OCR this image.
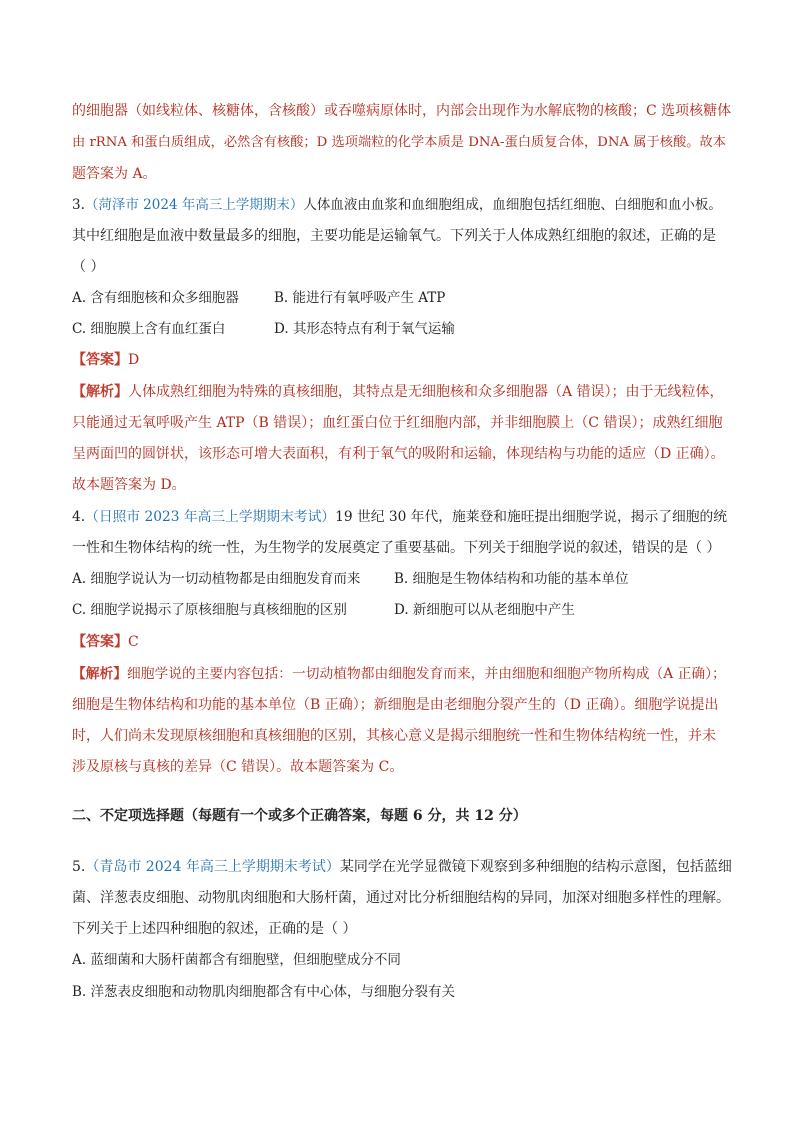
的细胞器（如线粒体、核糖体，含核酸）或吞噬病原体时，内部会出现作为水解底物的核酸；C 选项核糖体
由 rRNA 和蛋白质组成，必然含有核酸；D 选项端粒的化学本质是 DNA-蛋白质复合体，DNA 属于核酸。故本
题答案为 A。
3.（菏泽市 2024 年高三上学期期末）人体血液由血浆和血细胞组成，血细胞包括红细胞、白细胞和血小板。
其中红细胞是血液中数量最多的细胞，主要功能是运输氧气。下列关于人体成熟红细胞的叙述，正确的是
（ ）
A. 含有细胞核和众多细胞器	B. 能进行有氧呼吸产生 ATP
C. 细胞膜上含有血红蛋白	D. 其形态特点有利于氧气运输
【答案】D
【解析】人体成熟红细胞为特殊的真核细胞，其特点是无细胞核和众多细胞器（A 错误）；由于无线粒体，
只能通过无氧呼吸产生 ATP（B 错误）；血红蛋白位于红细胞内部，并非细胞膜上（C 错误）；成熟红细胞
呈两面凹的圆饼状，该形态可增大表面积，有利于氧气的吸附和运输，体现结构与功能的适应（D 正确）。
故本题答案为 D。
4.（日照市 2023 年高三上学期期末考试）19 世纪 30 年代，施莱登和施旺提出细胞学说，揭示了细胞的统
一性和生物体结构的统一性，为生物学的发展奠定了重要基础。下列关于细胞学说的叙述，错误的是（ ）
A. 细胞学说认为一切动植物都是由细胞发育而来 B. 细胞是生物体结构和功能的基本单位
C. 细胞学说揭示了原核细胞与真核细胞的区别	D. 新细胞可以从老细胞中产生
【答案】C
【解析】细胞学说的主要内容包括：一切动植物都由细胞发育而来，并由细胞和细胞产物所构成（A 正确）；
细胞是生物体结构和功能的基本单位（B 正确）；新细胞是由老细胞分裂产生的（D 正确）。细胞学说提出
时，人们尚未发现原核细胞和真核细胞的区别，其核心意义是揭示细胞统一性和生物体结构统一性，并未
涉及原核与真核的差异（C 错误）。故本题答案为 C。
二、不定项选择题（每题有一个或多个正确答案，每题 6 分，共 12 分）
5.（青岛市 2024 年高三上学期期末考试）某同学在光学显微镜下观察到多种细胞的结构示意图，包括蓝细
菌、洋葱表皮细胞、动物肌肉细胞和大肠杆菌，通过对比分析细胞结构的异同，加深对细胞多样性的理解。
下列关于上述四种细胞的叙述，正确的是（ ）
A. 蓝细菌和大肠杆菌都含有细胞壁，但细胞壁成分不同
B. 洋葱表皮细胞和动物肌肉细胞都含有中心体，与细胞分裂有关
